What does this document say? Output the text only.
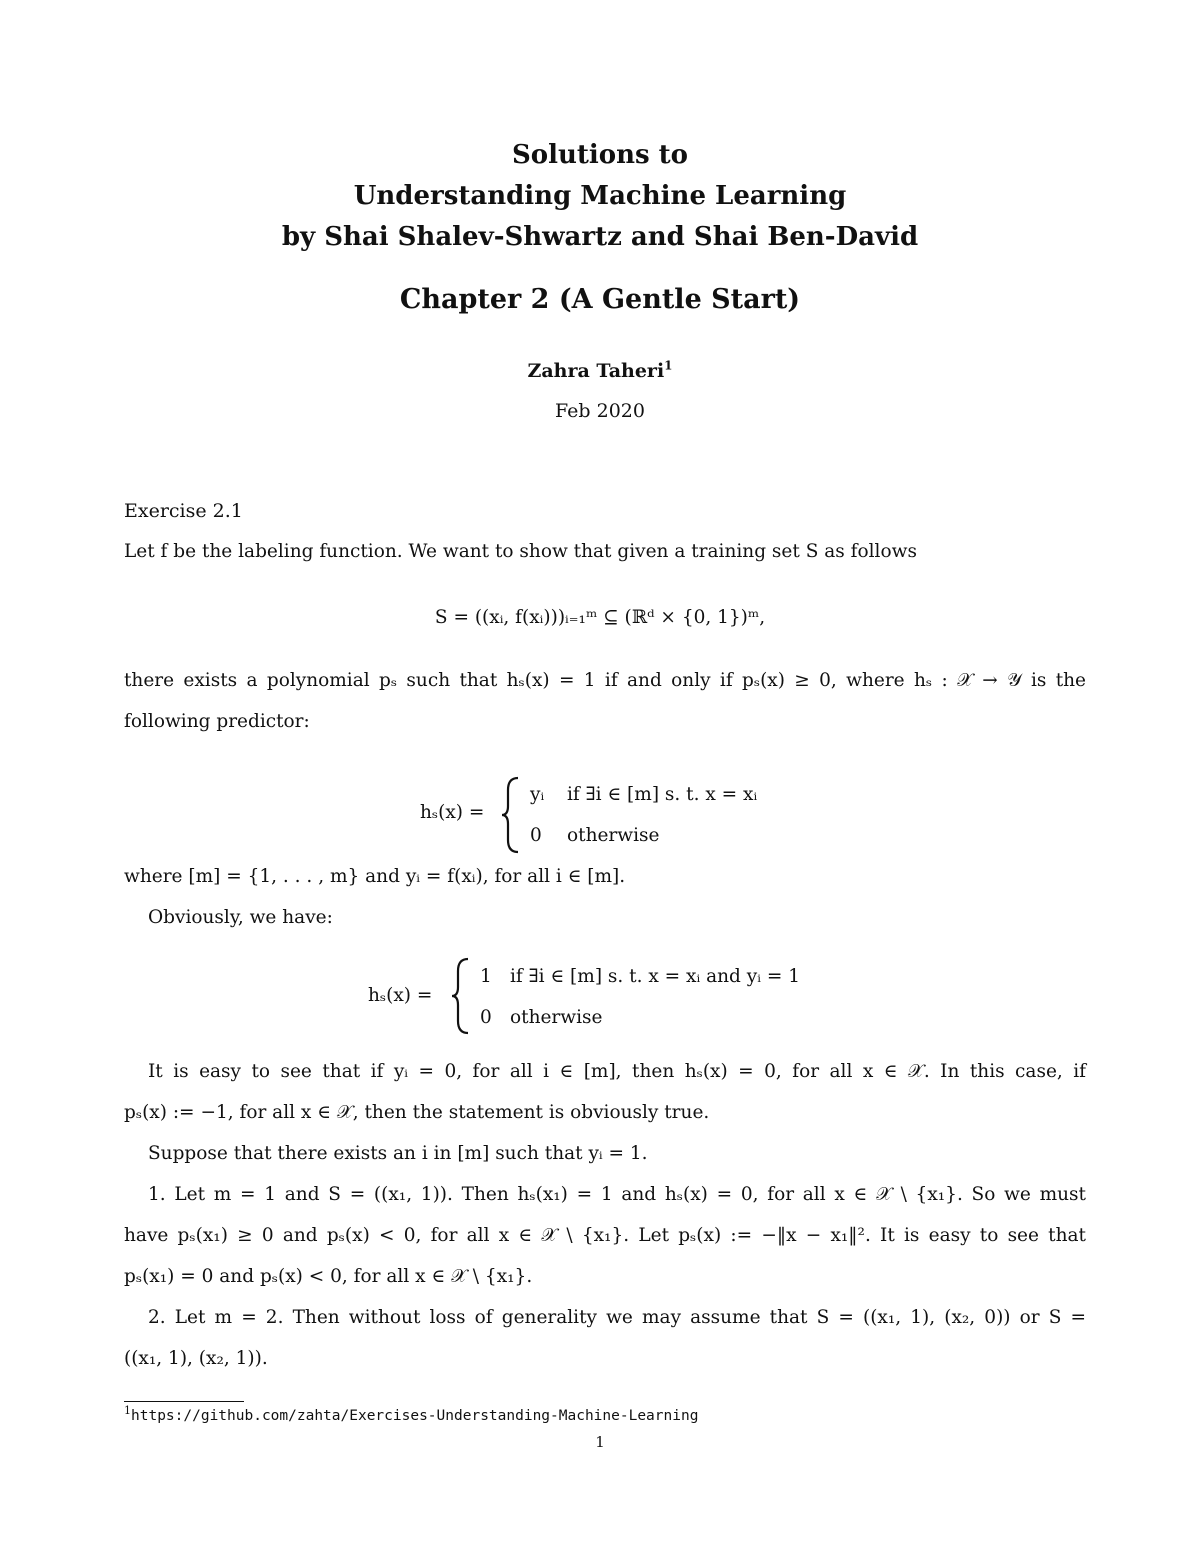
Solutions to
Understanding Machine Learning
by Shai Shalev-Shwartz and Shai Ben-David
Chapter 2 (A Gentle Start)
Zahra Taheri$^1$
Feb 2020
Exercise 2.1
Let f be the labeling function. We want to show that given a training set S as follows
S = ((xᵢ, f(xᵢ)))ᵢ₌₁ᵐ ⊆ (ℝᵈ × {0, 1})ᵐ,
there exists a polynomial pₛ such that hₛ(x) = 1 if and only if pₛ(x) ≥ 0, where hₛ : 𝒳 → 𝒴 is the
following predictor:
hₛ(x) =
yᵢ if ∃i ∈ [m] s. t. x = xᵢ
0 otherwise
where [m] = {1, . . . , m} and yᵢ = f(xᵢ), for all i ∈ [m].
Obviously, we have:
hₛ(x) =
1 if ∃i ∈ [m] s. t. x = xᵢ and yᵢ = 1
0 otherwise
It is easy to see that if yᵢ = 0, for all i ∈ [m], then hₛ(x) = 0, for all x ∈ 𝒳. In this case, if
pₛ(x) := −1, for all x ∈ 𝒳, then the statement is obviously true.
Suppose that there exists an i in [m] such that yᵢ = 1.
1. Let m = 1 and S = ((x₁, 1)). Then hₛ(x₁) = 1 and hₛ(x) = 0, for all x ∈ 𝒳 \ {x₁}. So we must
have pₛ(x₁) ≥ 0 and pₛ(x) < 0, for all x ∈ 𝒳 \ {x₁}. Let pₛ(x) := −‖x − x₁‖². It is easy to see that
pₛ(x₁) = 0 and pₛ(x) < 0, for all x ∈ 𝒳 \ {x₁}.
2. Let m = 2. Then without loss of generality we may assume that S = ((x₁, 1), (x₂, 0)) or S =
((x₁, 1), (x₂, 1)).
$^1$https://github.com/zahta/Exercises-Understanding-Machine-Learning
1
